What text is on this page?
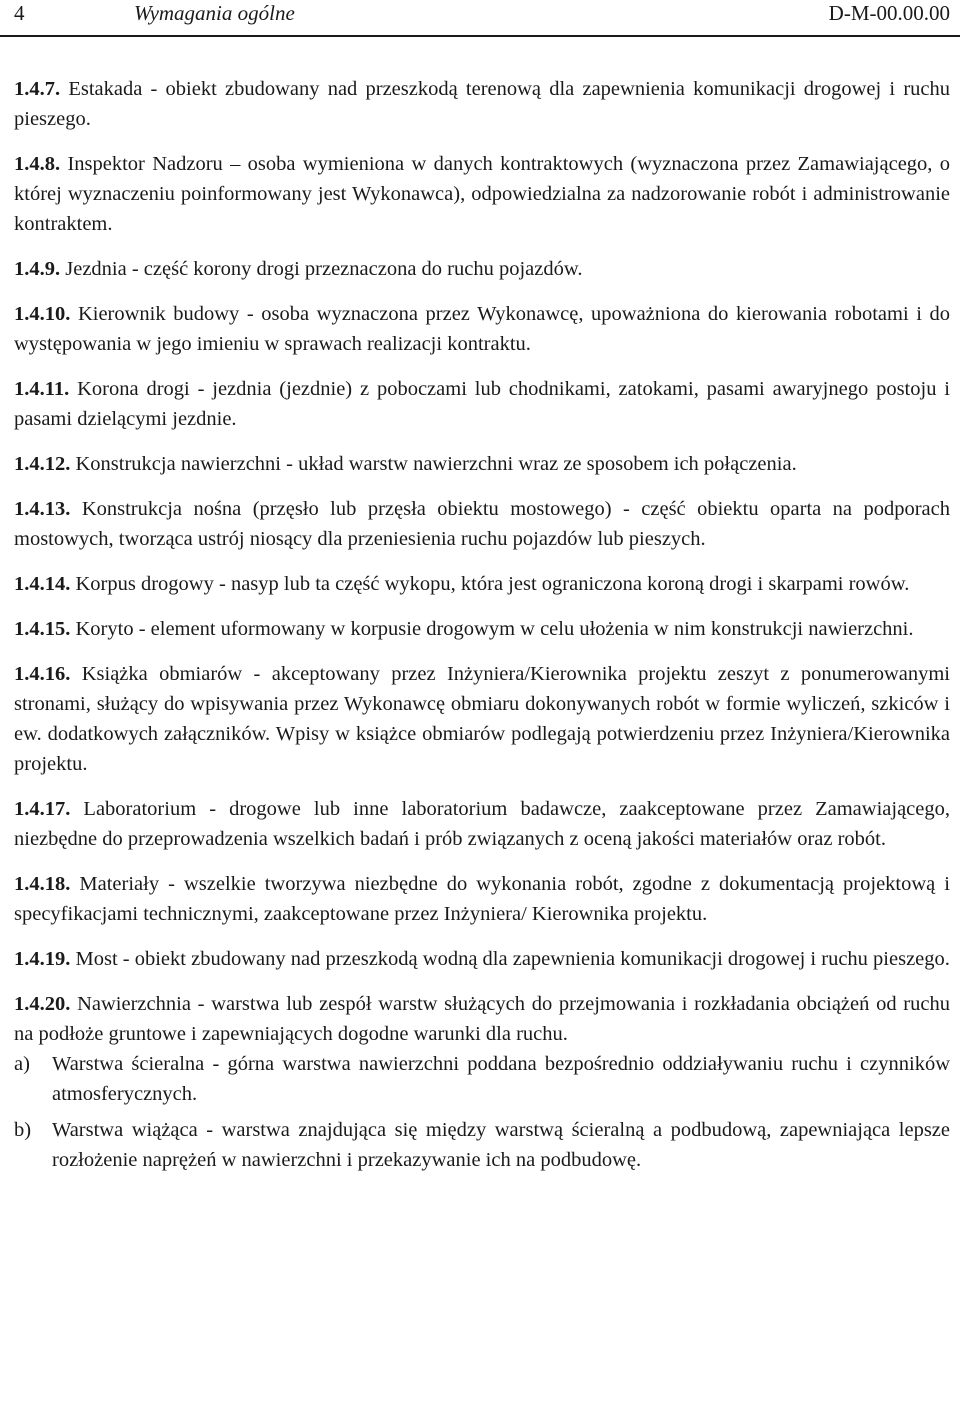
4	Wymagania ogólne	D-M-00.00.00

1.4.7. Estakada - obiekt zbudowany nad przeszkodą terenową dla zapewnienia komunikacji drogowej i ruchu pieszego.

1.4.8. Inspektor Nadzoru – osoba wymieniona w danych kontraktowych (wyznaczona przez Zamawiającego, o której wyznaczeniu poinformowany jest Wykonawca), odpowiedzialna za nadzorowanie robót i administrowanie kontraktem.

1.4.9. Jezdnia - część korony drogi przeznaczona do ruchu pojazdów.

1.4.10. Kierownik budowy - osoba wyznaczona przez Wykonawcę, upoważniona do kierowania robotami i do występowania w jego imieniu w sprawach realizacji kontraktu.

1.4.11. Korona drogi - jezdnia (jezdnie) z poboczami lub chodnikami, zatokami, pasami awaryjnego postoju i pasami dzielącymi jezdnie.

1.4.12. Konstrukcja nawierzchni - układ warstw nawierzchni wraz ze sposobem ich połączenia.

1.4.13. Konstrukcja nośna (przęsło lub przęsła obiektu mostowego) - część obiektu oparta na podporach mostowych, tworząca ustrój niosący dla przeniesienia ruchu pojazdów lub pieszych.

1.4.14. Korpus drogowy - nasyp lub ta część wykopu, która jest ograniczona koroną drogi i skarpami rowów.

1.4.15. Koryto - element uformowany w korpusie drogowym w celu ułożenia w nim konstrukcji nawierzchni.

1.4.16. Książka obmiarów - akceptowany przez Inżyniera/Kierownika projektu zeszyt z ponumerowanymi stronami, służący do wpisywania przez Wykonawcę obmiaru dokonywanych robót w formie wyliczeń, szkiców i ew. dodatkowych załączników. Wpisy w książce obmiarów podlegają potwierdzeniu przez Inżyniera/Kierownika projektu.

1.4.17. Laboratorium - drogowe lub inne laboratorium badawcze, zaakceptowane przez Zamawiającego, niezbędne do przeprowadzenia wszelkich badań i prób związanych z oceną jakości materiałów oraz robót.

1.4.18. Materiały - wszelkie tworzywa niezbędne do wykonania robót, zgodne z dokumentacją projektową i specyfikacjami technicznymi, zaakceptowane przez Inżyniera/ Kierownika projektu.

1.4.19. Most - obiekt zbudowany nad przeszkodą wodną dla zapewnienia komunikacji drogowej i ruchu pieszego.

1.4.20. Nawierzchnia - warstwa lub zespół warstw służących do przejmowania i rozkładania obciążeń od ruchu na podłoże gruntowe i zapewniających dogodne warunki dla ruchu.

a) Warstwa ścieralna - górna warstwa nawierzchni poddana bezpośrednio oddziaływaniu ruchu i czynników atmosferycznych.
b) Warstwa wiążąca - warstwa znajdująca się między warstwą ścieralną a podbudową, zapewniająca lepsze rozłożenie naprężeń w nawierzchni i przekazywanie ich na podbudowę.
